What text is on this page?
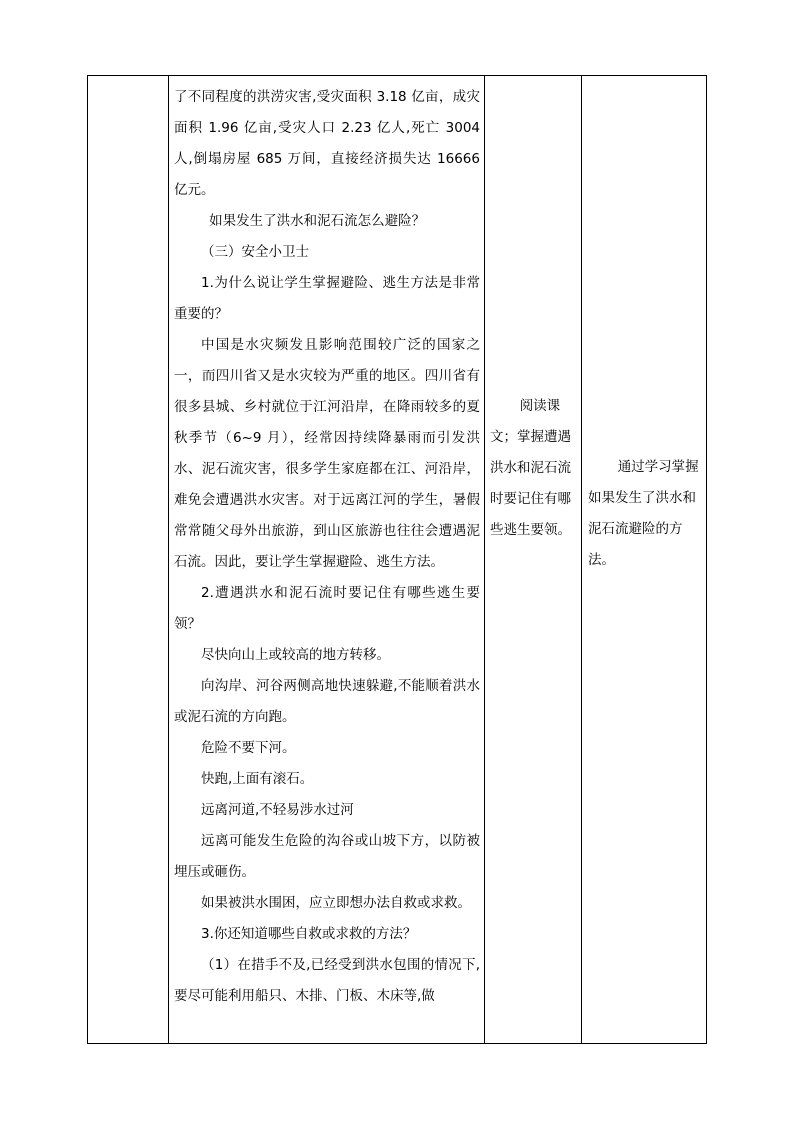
了不同程度的洪涝灾害,受灾面积 3.18 亿亩，成灾面积 1.96 亿亩,受灾人口 2.23 亿人,死亡 3004 人,倒塌房屋 685 万间，直接经济损失达 16666 亿元。

如果发生了洪水和泥石流怎么避险？

（三）安全小卫士

1.为什么说让学生掌握避险、逃生方法是非常重要的？

中国是水灾频发且影响范围较广泛的国家之一，而四川省又是水灾较为严重的地区。四川省有很多县城、乡村就位于江河沿岸，在降雨较多的夏秋季节（6~9 月），经常因持续降暴雨而引发洪水、泥石流灾害，很多学生家庭都在江、河沿岸，难免会遭遇洪水灾害。对于远离江河的学生，暑假常常随父母外出旅游，到山区旅游也往往会遭遇泥石流。因此，要让学生掌握避险、逃生方法。

2.遭遇洪水和泥石流时要记住有哪些逃生要领？

尽快向山上或较高的地方转移。

向沟岸、河谷两侧高地快速躲避,不能顺着洪水或泥石流的方向跑。

危险不要下河。

快跑,上面有滚石。

远离河道,不轻易涉水过河

远离可能发生危险的沟谷或山坡下方，以防被埋压或砸伤。

如果被洪水围困，应立即想办法自救或求救。

3.你还知道哪些自救或求救的方法？

（1）在措手不及,已经受到洪水包围的情况下,要尽可能利用船只、木排、门板、木床等,做

阅读课文；掌握遭遇洪水和泥石流时要记住有哪些逃生要领。

通过学习掌握如果发生了洪水和泥石流避险的方法。
